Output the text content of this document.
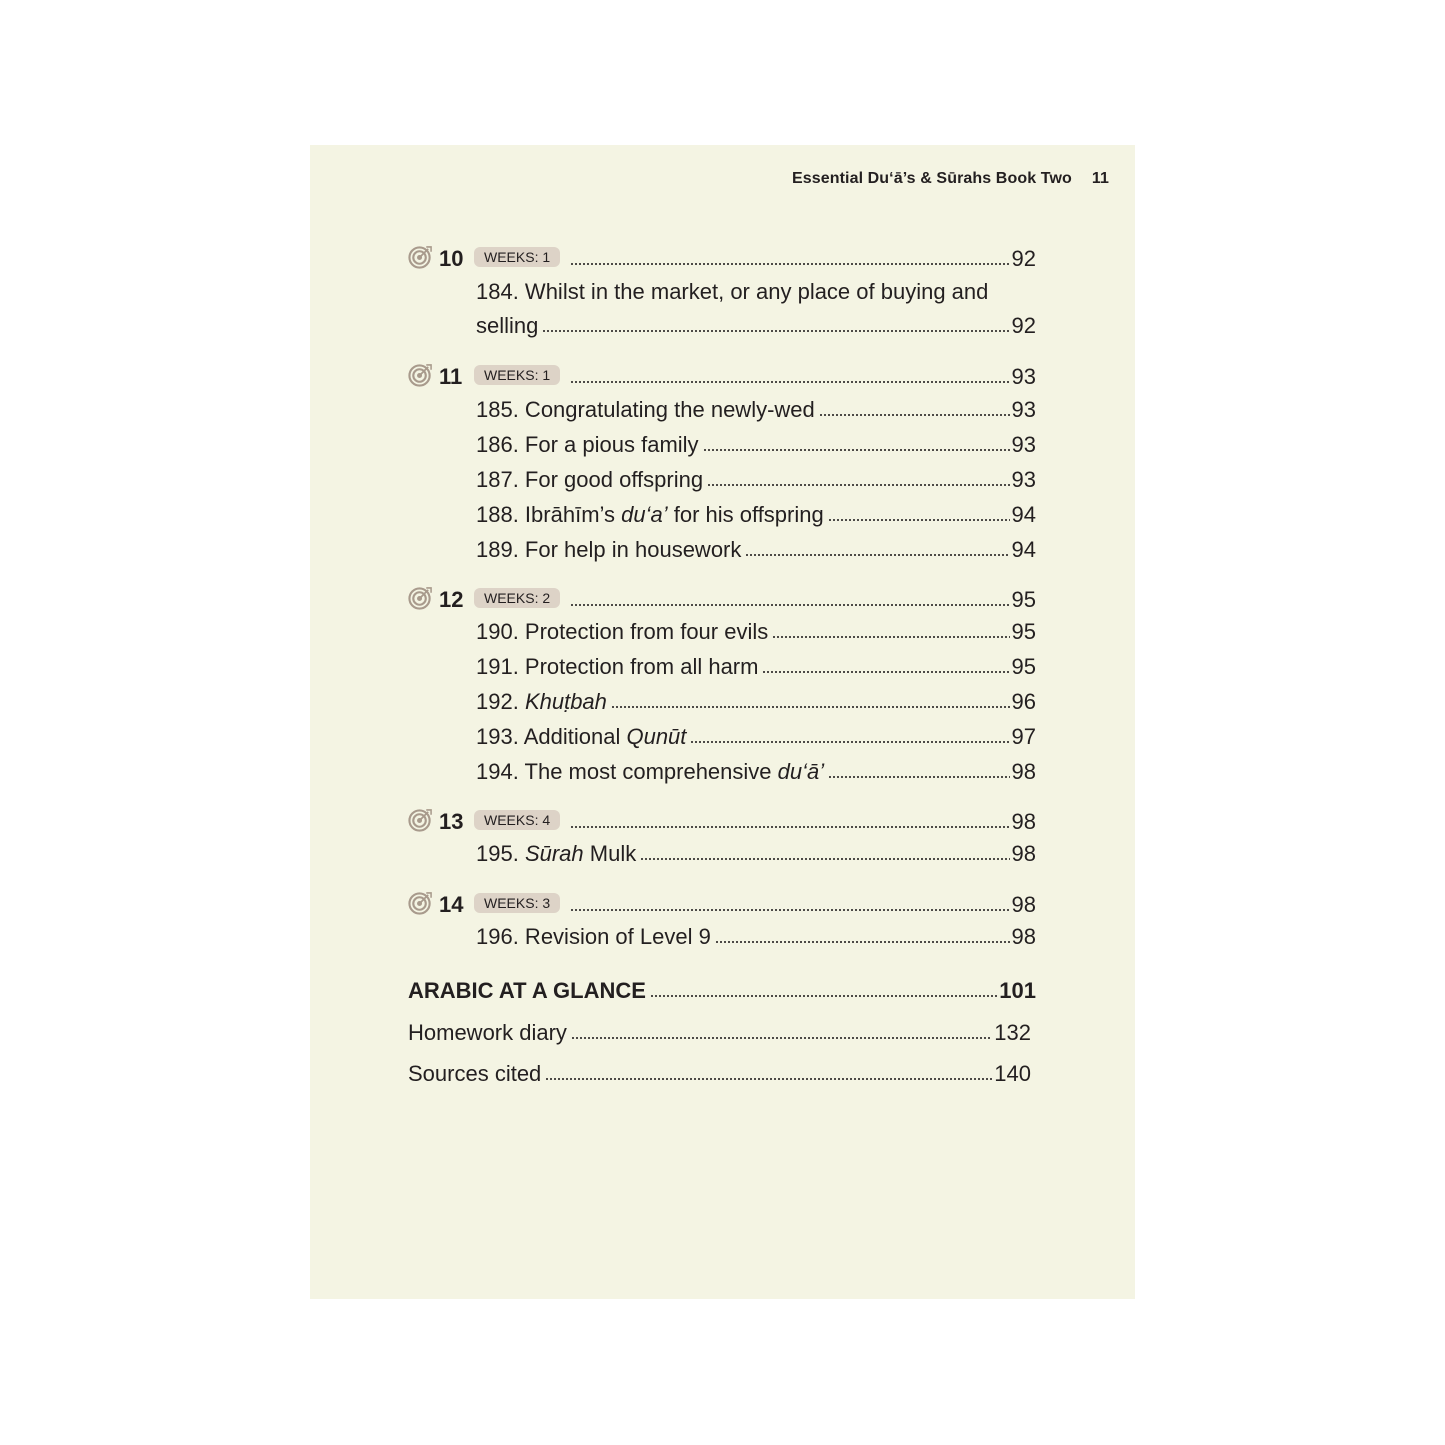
Essential Du‘ā’s & Sūrahs Book Two 11
10	WEEKS: 1	92
184. Whilst in the market, or any place of buying and
selling	92
11	WEEKS: 1	93
185. Congratulating the newly-wed	93
186. For a pious family	93
187. For good offspring	93
188. Ibrāhīm’s du‘a’ for his offspring	94
189. For help in housework	94
12	WEEKS: 2	95
190. Protection from four evils	95
191. Protection from all harm	95
192. Khuṭbah	96
193. Additional Qunūt	97
194. The most comprehensive du‘ā’	98
13	WEEKS: 4	98
195. Sūrah Mulk	98
14	WEEKS: 3	98
196. Revision of Level 9	98
ARABIC AT A GLANCE	101
Homework diary	132
Sources cited	140
